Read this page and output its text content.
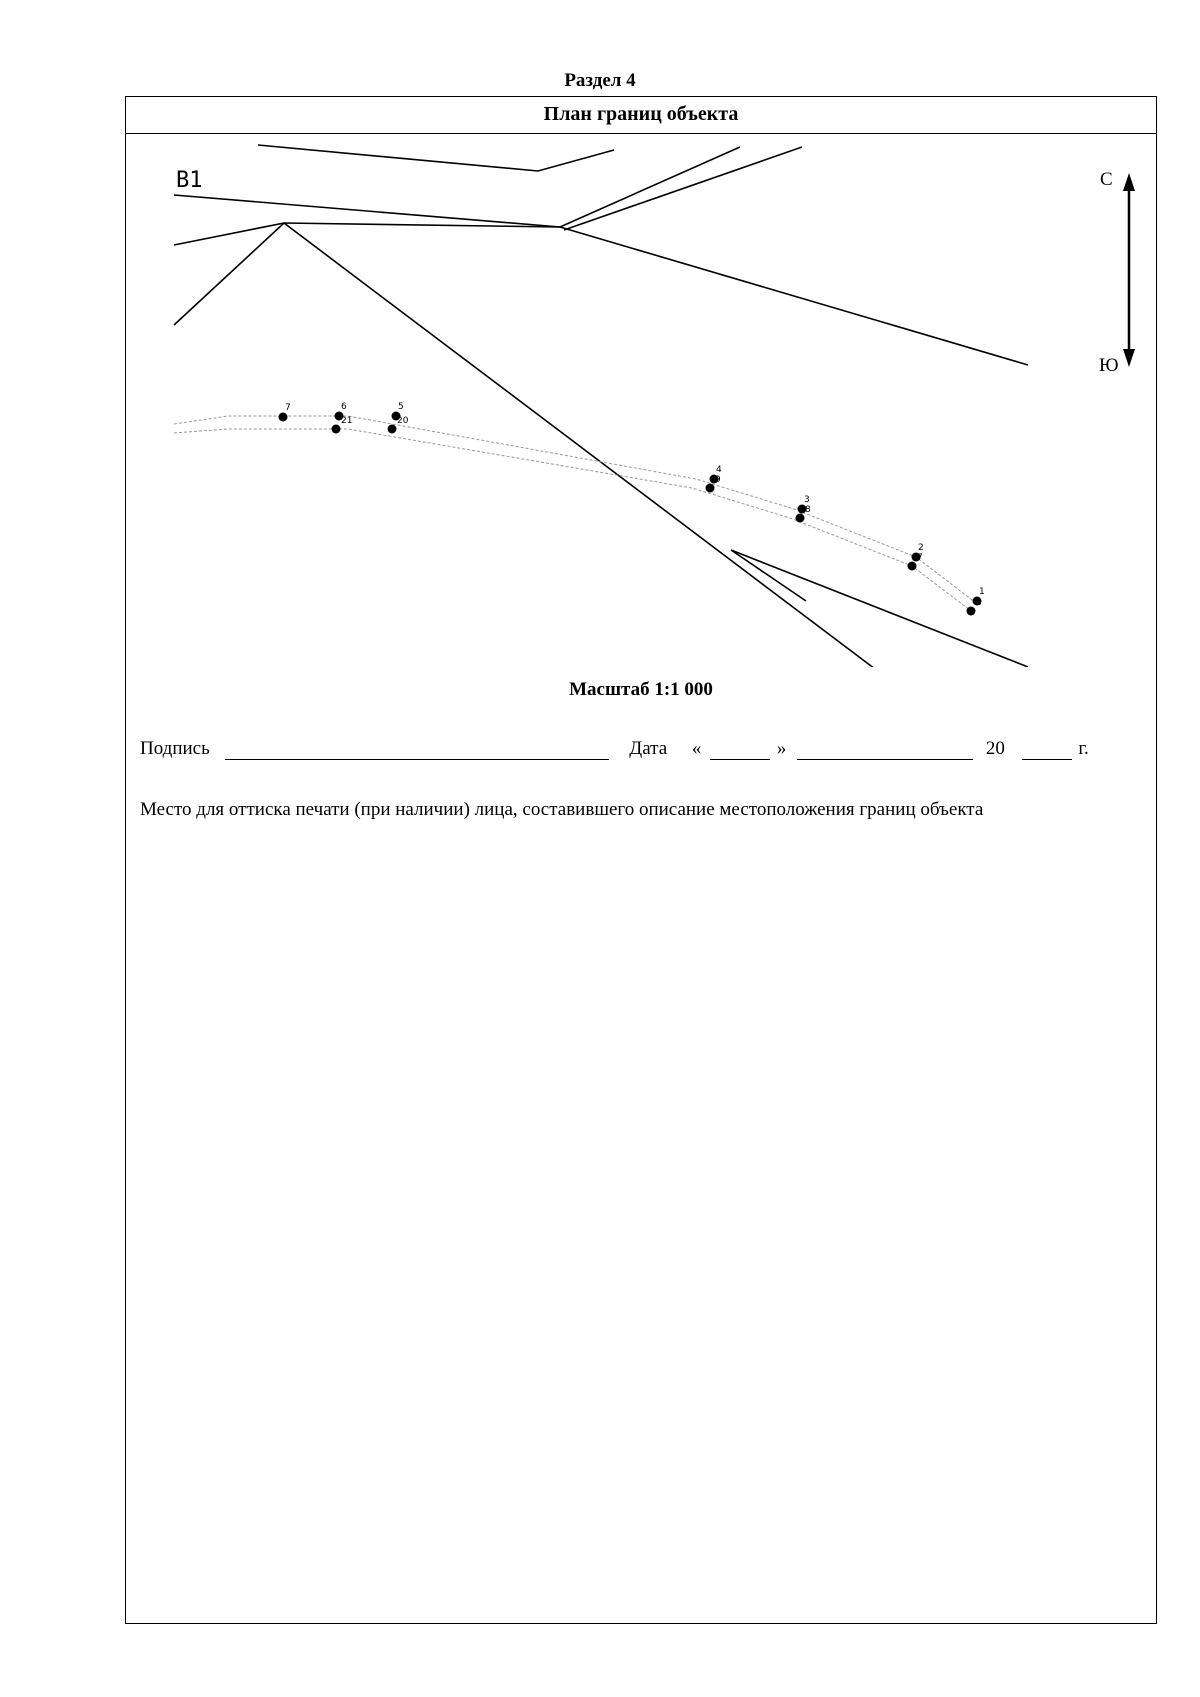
Раздел 4
План границ объекта
В1
1
2
3
4
5
6
7
8
7
8
9
20
21
С
Ю
Масштаб 1:1 000
Подпись	Дата «	»	20	г.
Место для оттиска печати (при наличии) лица, составившего описание местоположения границ объекта
